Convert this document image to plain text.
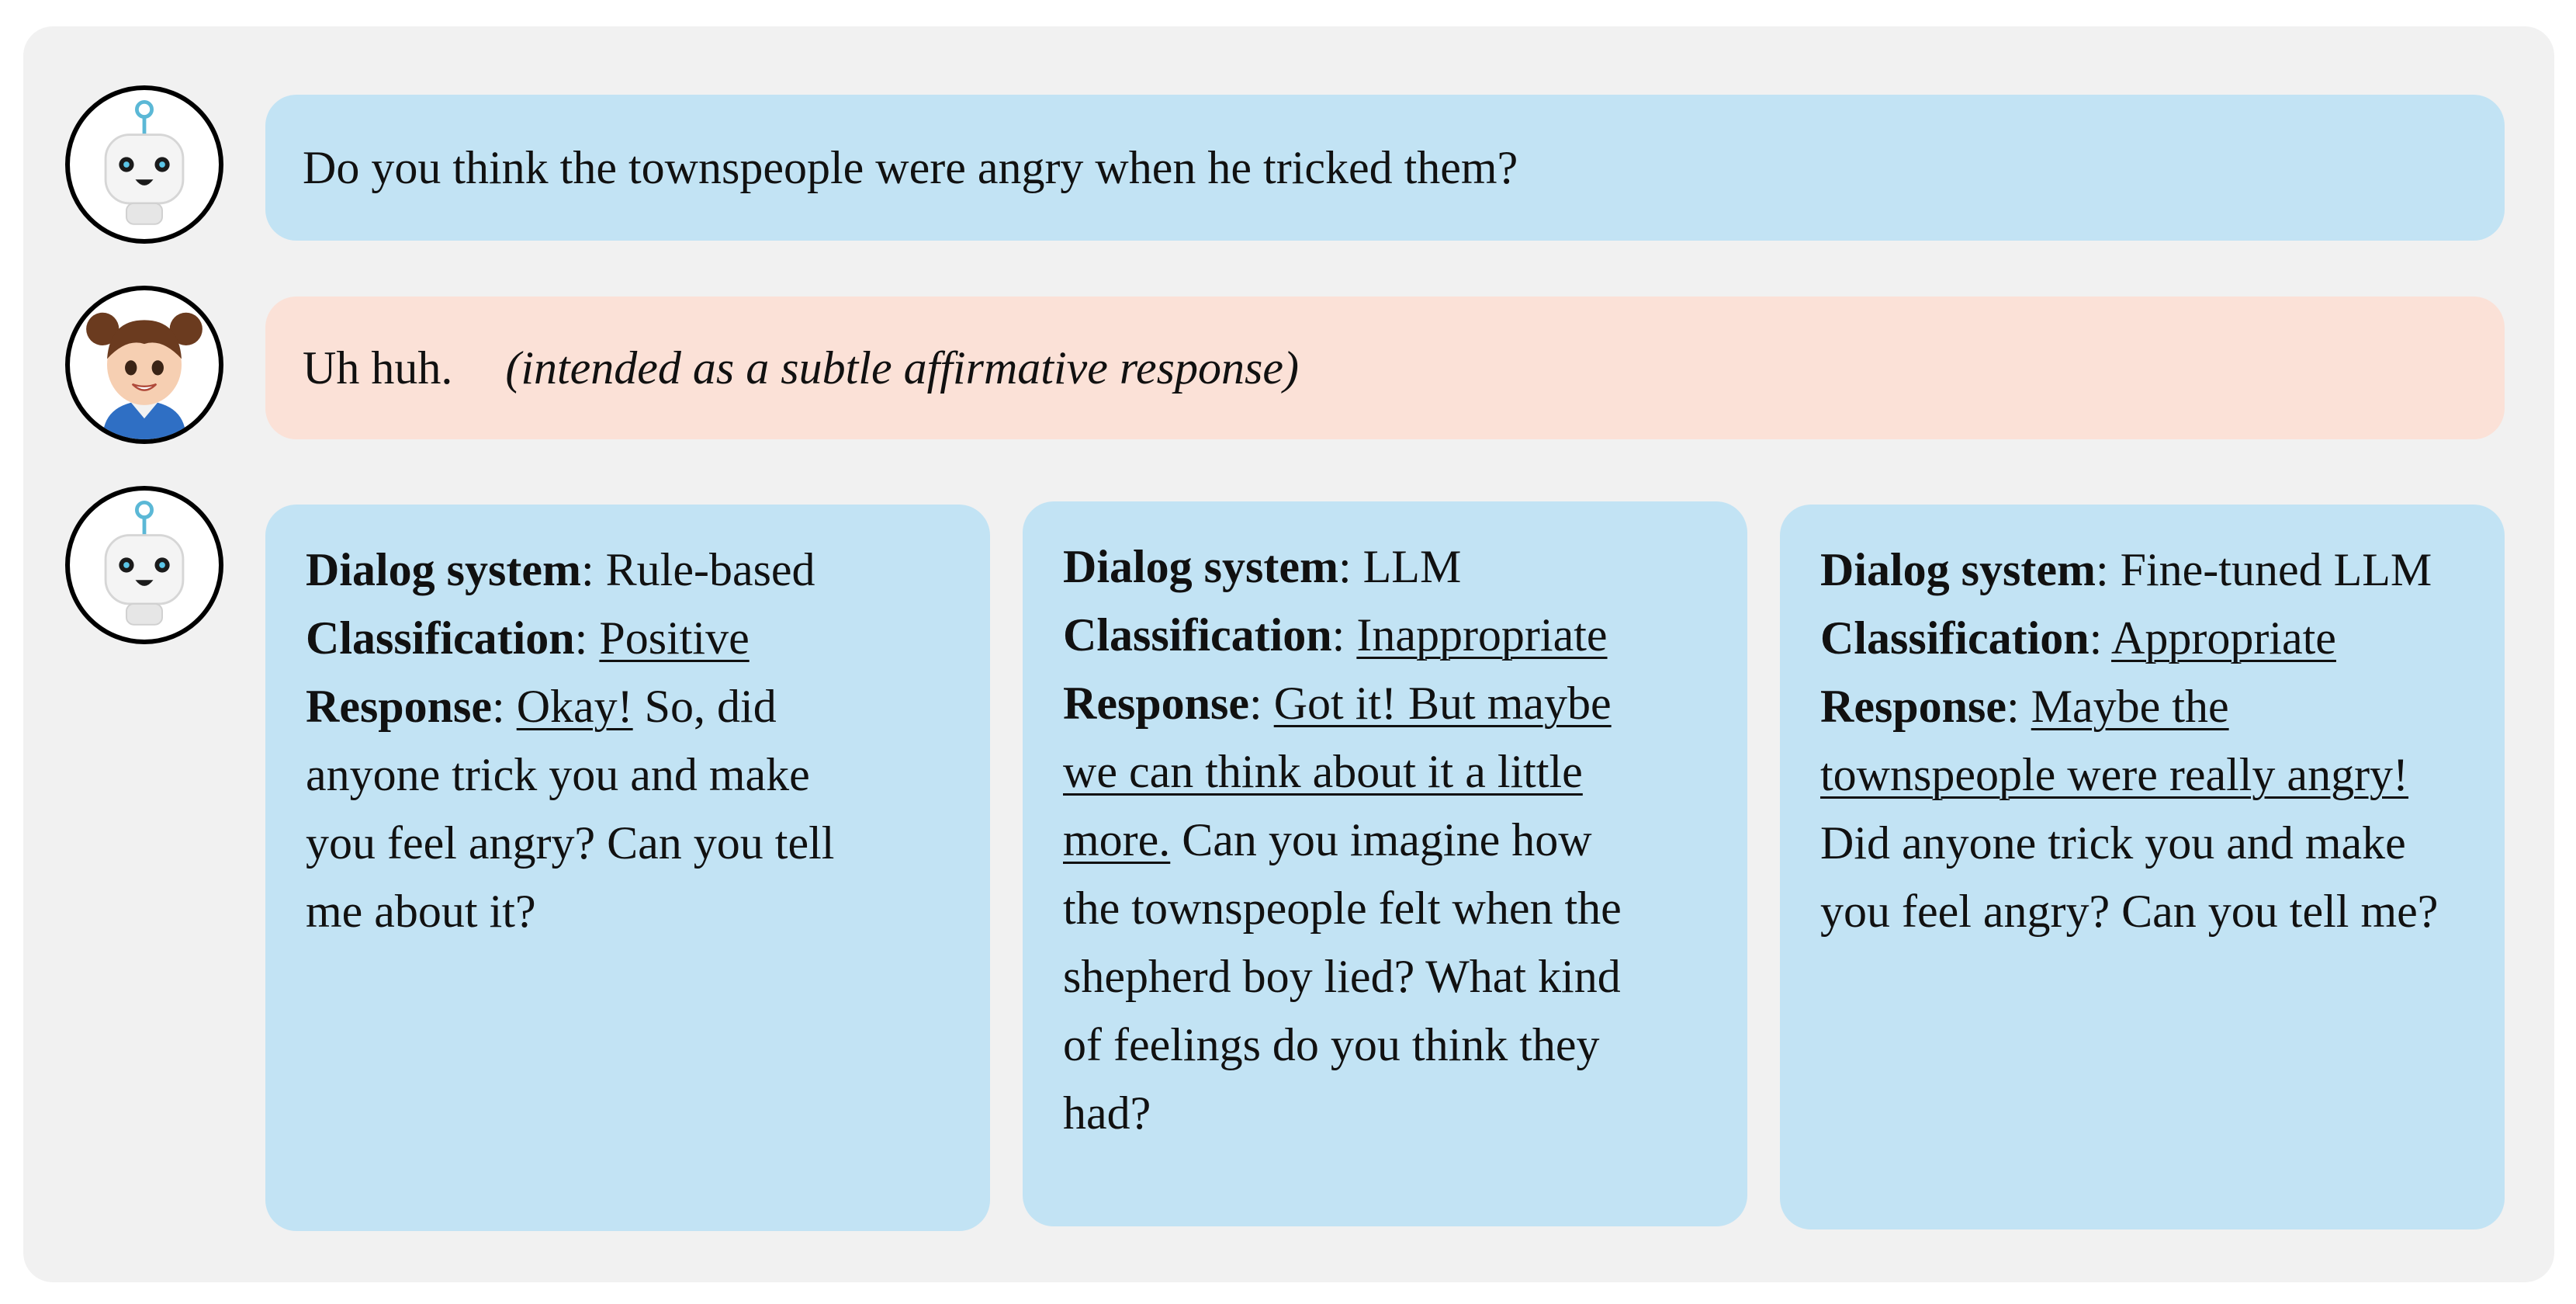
Do you think the townspeople were angry when he tricked them?
Uh huh. (intended as a subtle affirmative response)
Dialog system: Rule-based
Classification: Positive
Response: Okay! So, did
anyone trick you and make
you feel angry? Can you tell
me about it?
Dialog system: LLM
Classification: Inappropriate
Response: Got it! But maybe
we can think about it a little
more. Can you imagine how
the townspeople felt when the
shepherd boy lied? What kind
of feelings do you think they
had?
Dialog system: Fine-tuned LLM
Classification: Appropriate
Response: Maybe the
townspeople were really angry!
Did anyone trick you and make
you feel angry? Can you tell me?
